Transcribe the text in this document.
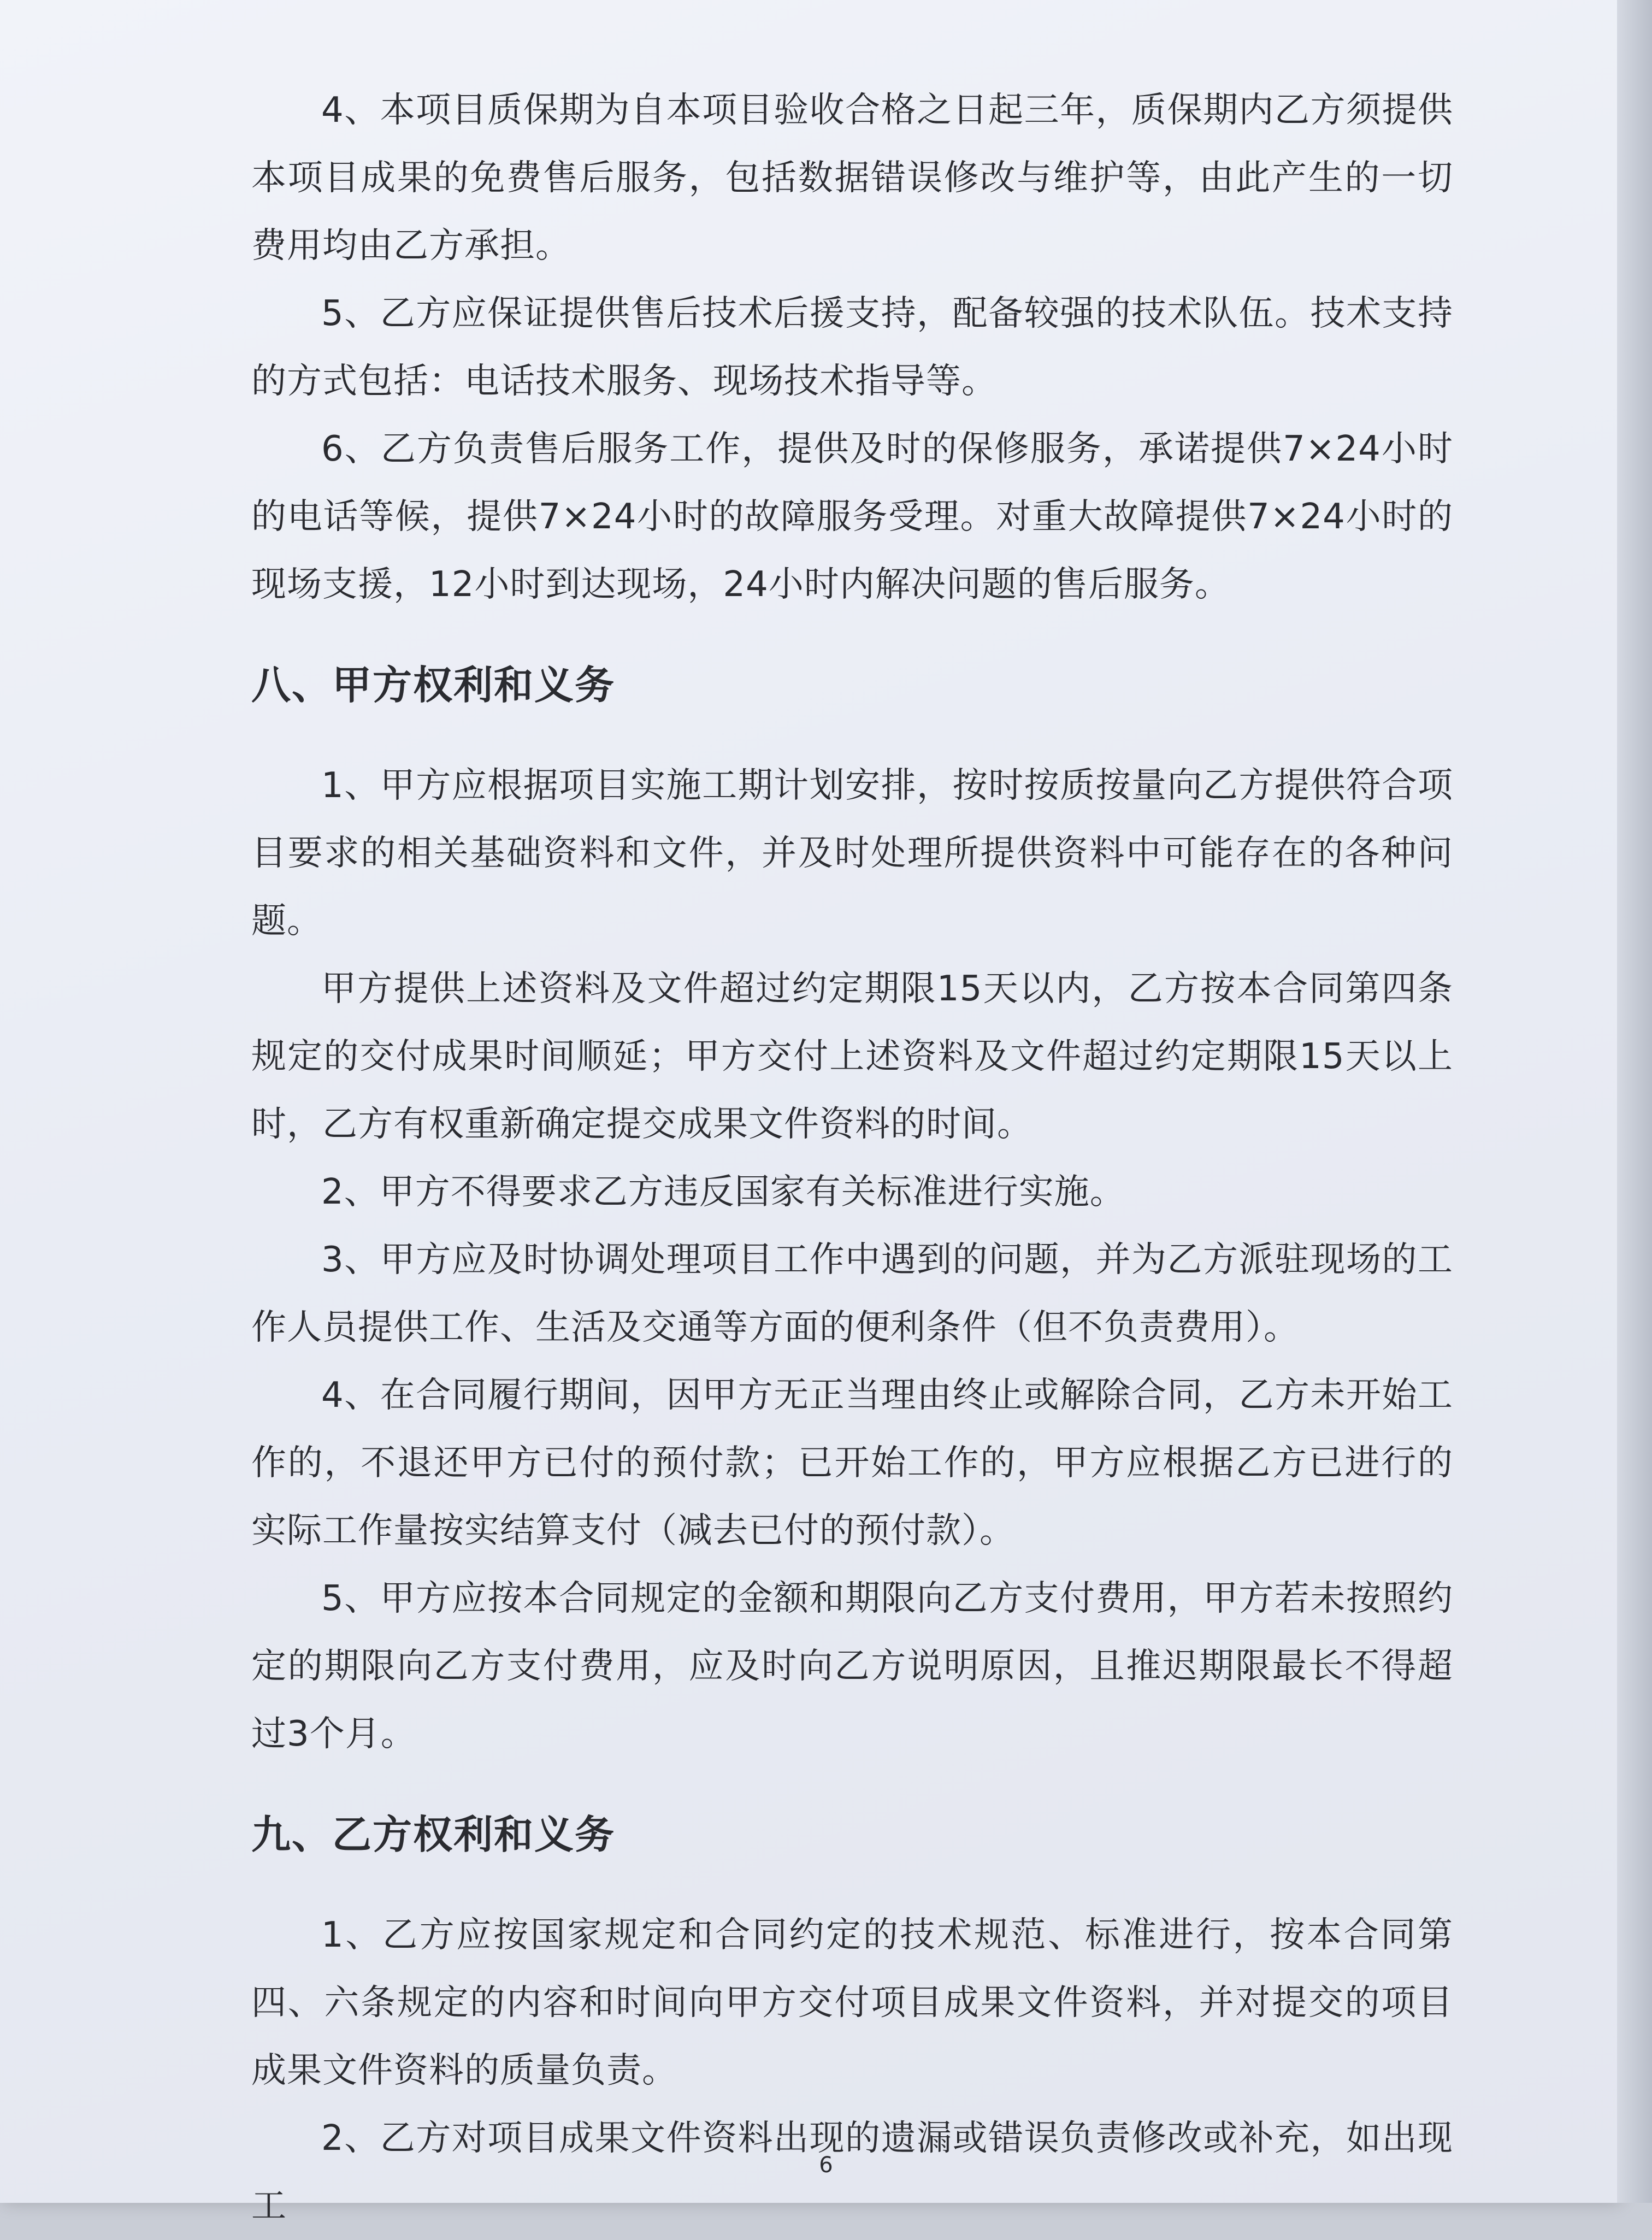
4、本项目质保期为自本项目验收合格之日起三年，质保期内乙方须提供本项目成果的免费售后服务，包括数据错误修改与维护等，由此产生的一切费用均由乙方承担。

5、乙方应保证提供售后技术后援支持，配备较强的技术队伍。技术支持的方式包括：电话技术服务、现场技术指导等。

6、乙方负责售后服务工作，提供及时的保修服务，承诺提供7×24小时的电话等候，提供7×24小时的故障服务受理。对重大故障提供7×24小时的现场支援，12小时到达现场，24小时内解决问题的售后服务。

八、甲方权利和义务

1、甲方应根据项目实施工期计划安排，按时按质按量向乙方提供符合项目要求的相关基础资料和文件，并及时处理所提供资料中可能存在的各种问题。

甲方提供上述资料及文件超过约定期限15天以内，乙方按本合同第四条规定的交付成果时间顺延；甲方交付上述资料及文件超过约定期限15天以上时，乙方有权重新确定提交成果文件资料的时间。

2、甲方不得要求乙方违反国家有关标准进行实施。

3、甲方应及时协调处理项目工作中遇到的问题，并为乙方派驻现场的工作人员提供工作、生活及交通等方面的便利条件（但不负责费用）。

4、在合同履行期间，因甲方无正当理由终止或解除合同，乙方未开始工作的，不退还甲方已付的预付款；已开始工作的，甲方应根据乙方已进行的实际工作量按实结算支付（减去已付的预付款）。

5、甲方应按本合同规定的金额和期限向乙方支付费用，甲方若未按照约定的期限向乙方支付费用，应及时向乙方说明原因，且推迟期限最长不得超过3个月。

九、乙方权利和义务

1、乙方应按国家规定和合同约定的技术规范、标准进行，按本合同第四、六条规定的内容和时间向甲方交付项目成果文件资料，并对提交的项目成果文件资料的质量负责。

2、乙方对项目成果文件资料出现的遗漏或错误负责修改或补充，如出现工

6
